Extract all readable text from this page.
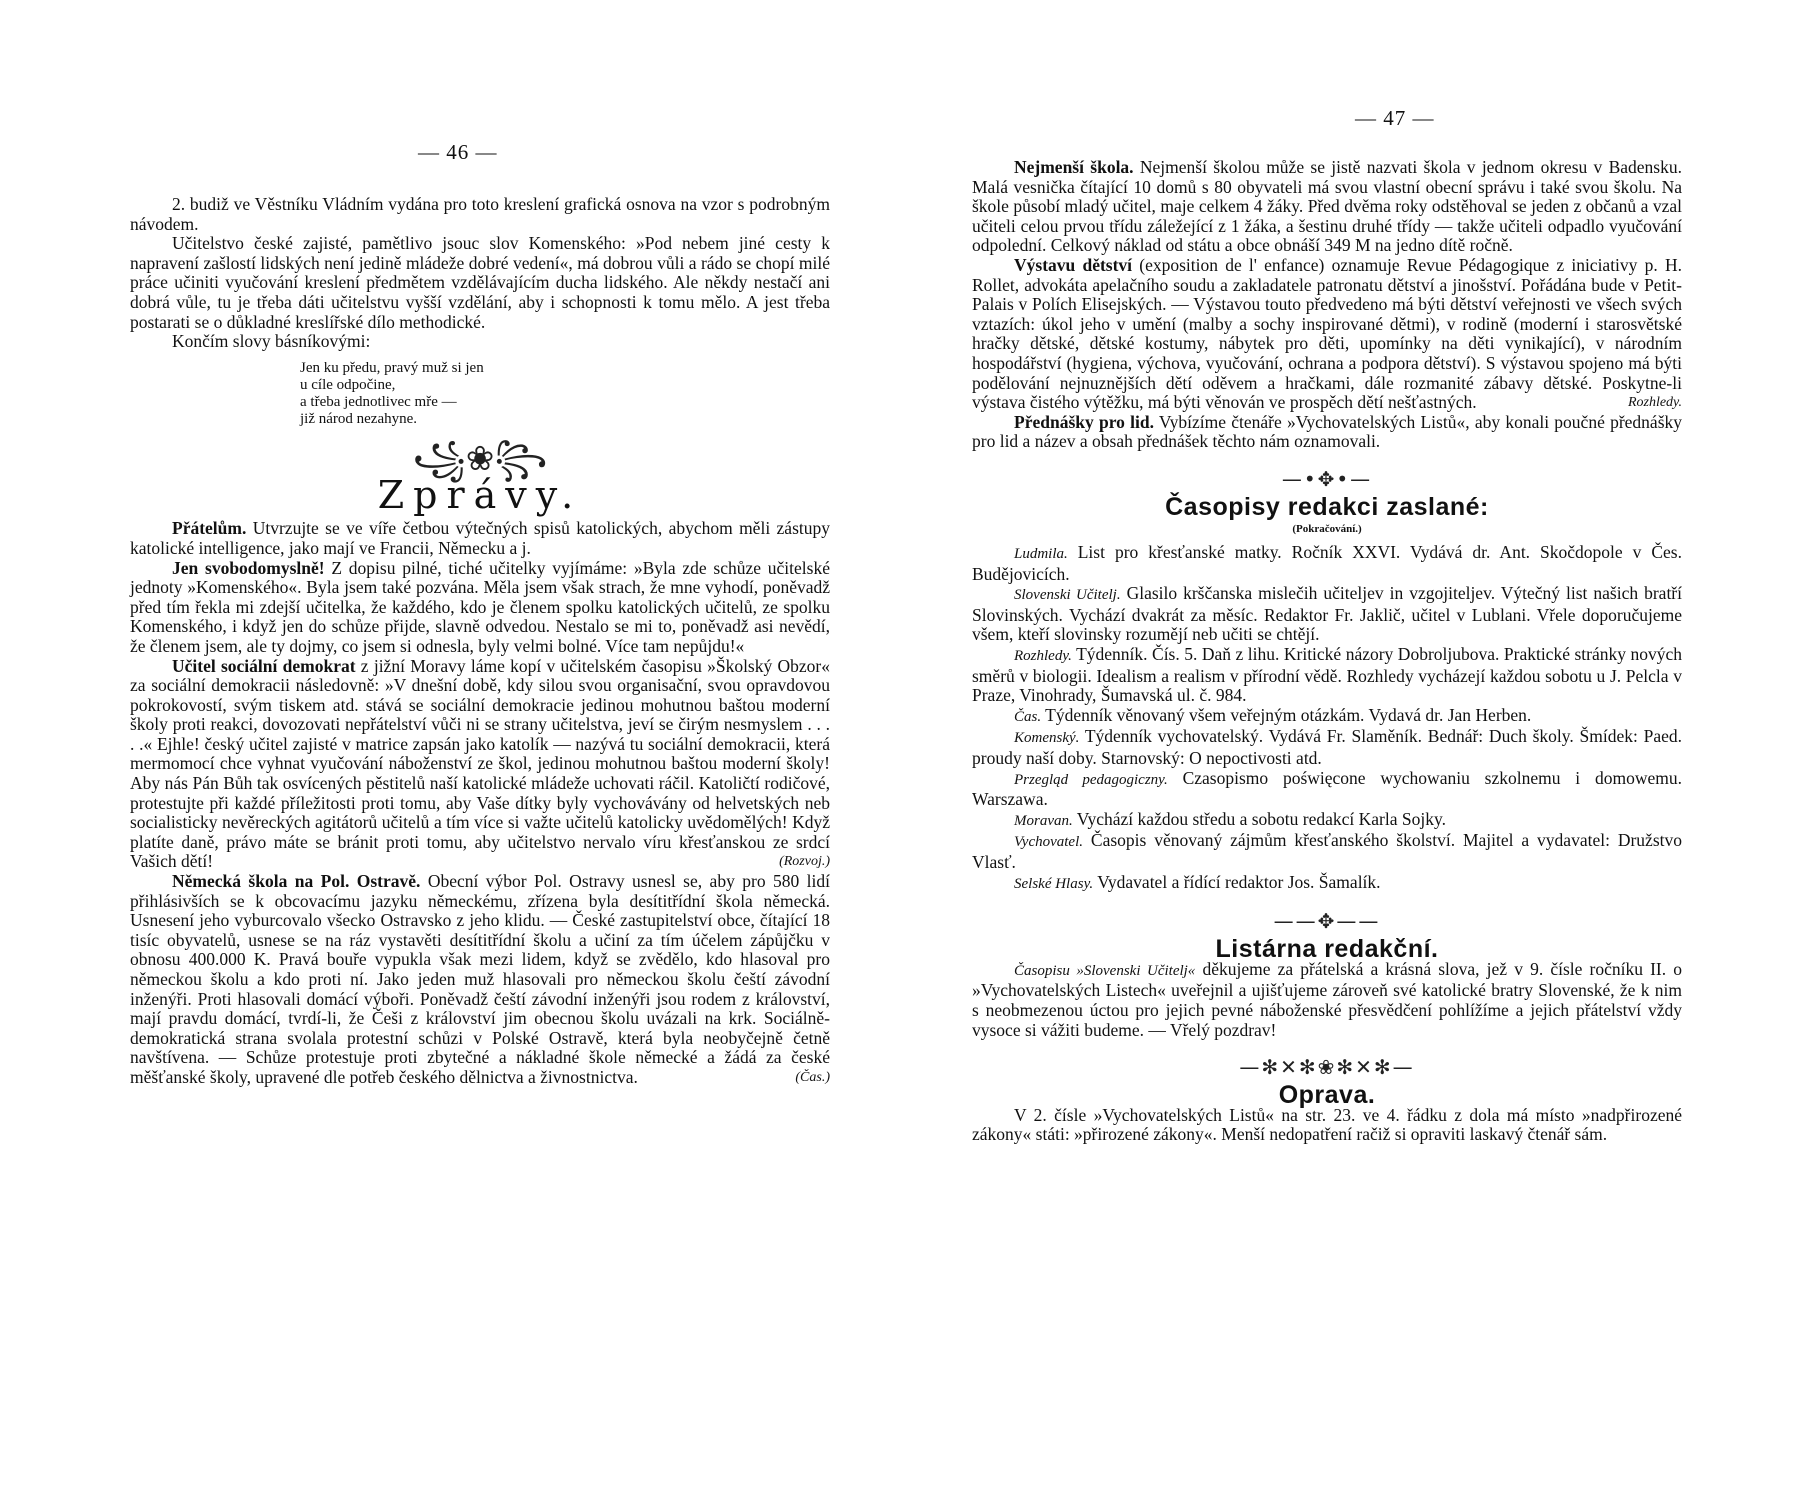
— 46 —

2. budiž ve Věstníku Vládním vydána pro toto kreslení grafická osnova na vzor s podrobným návodem.

Učitelstvo české zajisté, pamětlivo jsouc slov Komenského: »Pod nebem jiné cesty k napravení zašlostí lidských není jedině mládeže dobré vedení«, má dobrou vůli a rádo se chopí milé práce učiniti vyučování kreslení předmětem vzdělávajícím ducha lidského. Ale někdy nestačí ani dobrá vůle, tu je třeba dáti učitelstvu vyšší vzdělání, aby i schopnosti k tomu mělo. A jest třeba postarati se o důkladné kreslířské dílo methodické.

Končím slovy básníkovými:

Jen ku předu, pravý muž si jen
u cíle odpočine,
a třeba jednotlivec mře —
již národ nezahyne.
꧁❀꧂
Zprávy.

Přátelům. Utvrzujte se ve víře četbou výtečných spisů katolických, abychom měli zástupy katolické intelligence, jako mají ve Francii, Německu a j.

Jen svobodomyslně! Z dopisu pilné, tiché učitelky vyjímáme: »Byla zde schůze učitelské jednoty »Komenského«. Byla jsem také pozvána. Měla jsem však strach, že mne vyhodí, poněvadž před tím řekla mi zdejší učitelka, že každého, kdo je členem spolku katolických učitelů, ze spolku Komenského, i když jen do schůze přijde, slavně odvedou. Nestalo se mi to, poněvadž asi nevědí, že členem jsem, ale ty dojmy, co jsem si odnesla, byly velmi bolné. Více tam nepůjdu!«

Učitel sociální demokrat z jižní Moravy láme kopí v učitelském časopisu »Školský Obzor« za sociální demokracii následovně: »V dnešní době, kdy silou svou organisační, svou opravdovou pokrokovostí, svým tiskem atd. stává se sociální demokracie jedinou mohutnou baštou moderní školy proti reakci, dovozovati nepřátelství vůči ni se strany učitelstva, jeví se čirým nesmyslem . . . . .« Ejhle! český učitel zajisté v matrice zapsán jako katolík — nazývá tu sociální demokracii, která mermomocí chce vyhnat vyučování náboženství ze škol, jedinou mohutnou baštou moderní školy! Aby nás Pán Bůh tak osvícených pěstitelů naší katolické mládeže uchovati ráčil. Katoličtí rodičové, protestujte při každé příležitosti proti tomu, aby Vaše dítky byly vychovávány od helvetských neb socialisticky nevěreckých agitátorů učitelů a tím více si važte učitelů katolicky uvědomělých! Když platíte daně, právo máte se bránit proti tomu, aby učitelstvo nervalo víru křesťanskou ze srdcí Vašich dětí!	(Rozvoj.)

Německá škola na Pol. Ostravě. Obecní výbor Pol. Ostravy usnesl se, aby pro 580 lidí přihlásivších se k obcovacímu jazyku německému, zřízena byla desítitřídní škola německá. Usnesení jeho vyburcovalo všecko Ostravsko z jeho klidu. — České zastupitelství obce, čítající 18 tisíc obyvatelů, usnese se na ráz vystavěti desítitřídní školu a učiní za tím účelem zápůjčku v obnosu 400.000 K. Pravá bouře vypukla však mezi lidem, když se zvědělo, kdo hlasoval pro německou školu a kdo proti ní. Jako jeden muž hlasovali pro německou školu čeští závodní inženýři. Proti hlasovali domácí výboři. Poněvadž čeští závodní inženýři jsou rodem z království, mají pravdu domácí, tvrdí-li, že Češi z království jim obecnou školu uvázali na krk. Sociálně-demokratická strana svolala protestní schůzi v Polské Ostravě, která byla neobyčejně četně navštívena. — Schůze protestuje proti zbytečné a nákladné škole německé a žádá za české měšťanské školy, upravené dle potřeb českého dělnictva a živnostnictva.	(Čas.)

— 47 —

Nejmenší škola. Nejmenší školou může se jistě nazvati škola v jednom okresu v Badensku. Malá vesnička čítající 10 domů s 80 obyvateli má svou vlastní obecní správu i také svou školu. Na škole působí mladý učitel, maje celkem 4 žáky. Před dvěma roky odstěhoval se jeden z občanů a vzal učiteli celou prvou třídu záležející z 1 žáka, a šestinu druhé třídy — takže učiteli odpadlo vyučování odpolední. Celkový náklad od státu a obce obnáší 349 M na jedno dítě ročně.

Výstavu dětství (exposition de l' enfance) oznamuje Revue Pédagogique z iniciativy p. H. Rollet, advokáta apelačního soudu a zakladatele patronatu dětství a jinošství. Pořádána bude v Petit-Palais v Polích Elisejských. — Výstavou touto předvedeno má býti dětství veřejnosti ve všech svých vztazích: úkol jeho v umění (malby a sochy inspirované dětmi), v rodině (moderní i starosvětské hračky dětské, dětské kostumy, nábytek pro děti, upomínky na děti vynikající), v národním hospodářství (hygiena, výchova, vyučování, ochrana a podpora dětství). S výstavou spojeno má býti podělování nejnuznějších dětí oděvem a hračkami, dále rozmanité zábavy dětské. Poskytne-li výstava čistého výtěžku, má býti věnován ve prospěch dětí nešťastných.	Rozhledy.

Přednášky pro lid. Vybízíme čtenáře »Vychovatelských Listů«, aby konali poučné přednášky pro lid a název a obsah přednášek těchto nám oznamovali.

—•✥•—
Časopisy redakci zaslané:
(Pokračování.)

Ludmila. List pro křesťanské matky. Ročník XXVI. Vydává dr. Ant. Skočdopole v Čes. Budějovicích.

Slovenski Učitelj. Glasilo krščanska mislečih učiteljev in vzgojiteljev. Výtečný list našich bratří Slovinských. Vychází dvakrát za měsíc. Redaktor Fr. Jaklič, učitel v Lublani. Vřele doporučujeme všem, kteří slovinsky rozumějí neb učiti se chtějí.

Rozhledy. Týdenník. Čís. 5. Daň z lihu. Kritické názory Dobroljubova. Praktické stránky nových směrů v biologii. Idealism a realism v přírodní vědě. Rozhledy vycházejí každou sobotu u J. Pelcla v Praze, Vinohrady, Šumavská ul. č. 984.

Čas. Týdenník věnovaný všem veřejným otázkám. Vydavá dr. Jan Herben.

Komenský. Týdenník vychovatelský. Vydává Fr. Slaměník. Bednář: Duch školy. Šmídek: Paed. proudy naší doby. Starnovský: O nepoctivosti atd.

Przegląd pedagogiczny. Czasopismo poświęcone wychowaniu szkolnemu i domowemu. Warszawa.

Moravan. Vychází každou středu a sobotu redakcí Karla Sojky.

Vychovatel. Časopis věnovaný zájmům křesťanského školství. Majitel a vydavatel: Družstvo Vlasť.

Selské Hlasy. Vydavatel a řídící redaktor Jos. Šamalík.

——✥——
Listárna redakční.

Časopisu »Slovenski Učitelj« děkujeme za přátelská a krásná slova, jež v 9. čísle ročníku II. o »Vychovatelských Listech« uveřejnil a ujišťujeme zároveň své katolické bratry Slovenské, že k nim s neobmezenou úctou pro jejich pevné náboženské přesvědčení pohlížíme a jejich přátelství vždy vysoce si vážiti budeme. — Vřelý pozdrav!

—✻✕✻❀✻✕✻—
Oprava.

V 2. čísle »Vychovatelských Listů« na str. 23. ve 4. řádku z dola má místo »nadpřirozené zákony« státi: »přirozené zákony«. Menší nedopatření račiž si opraviti laskavý čtenář sám.
